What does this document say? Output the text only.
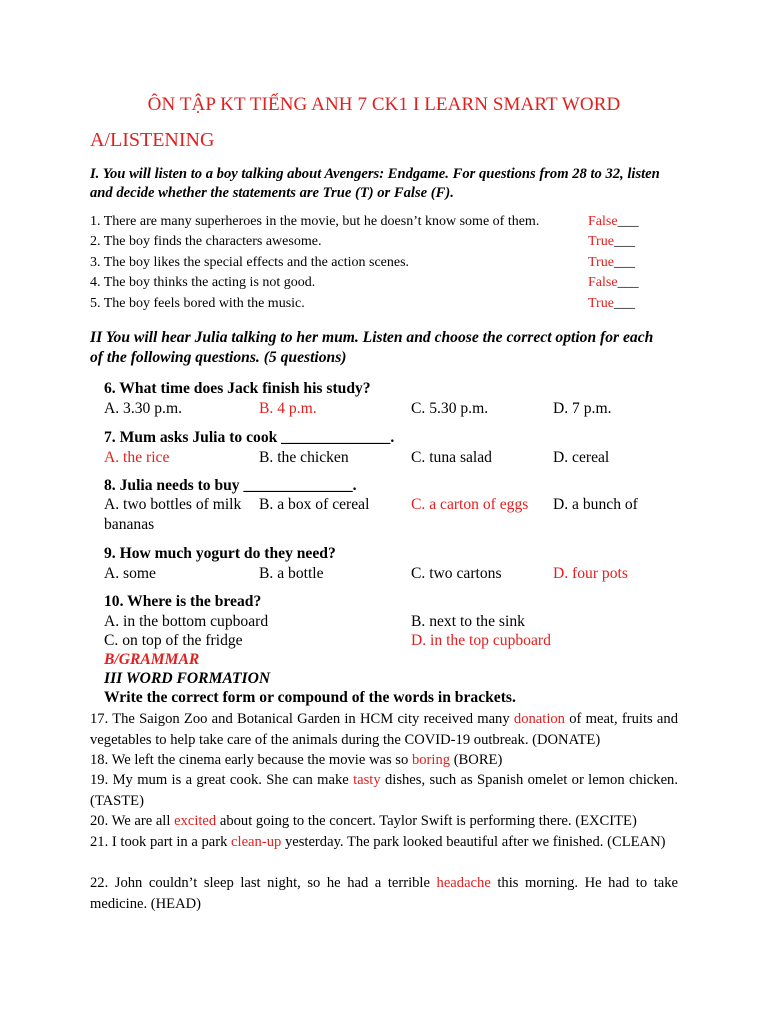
ÔN TẬP KT TIẾNG ANH 7 CK1 I LEARN SMART WORD
A/LISTENING
I. You will listen to a boy talking about Avengers: Endgame. For questions from 28 to 32, listen and decide whether the statements are True (T) or False (F).
1. There are many superheroes in the movie, but he doesn’t know some of them.	False___
2. The boy finds the characters awesome.	True___
3. The boy likes the special effects and the action scenes.	True___
4. The boy thinks the acting is not good.	False___
5. The boy feels bored with the music.	True___
II You will hear Julia talking to her mum. Listen and choose the correct option for each of the following questions. (5 questions)
6. What time does Jack finish his study?
A. 3.30 p.m.	B. 4 p.m.	C. 5.30 p.m.	D. 7 p.m.
7. Mum asks Julia to cook ______________.
A. the rice	B. the chicken	C. tuna salad	D. cereal
8. Julia needs to buy ______________.
A. two bottles of milk B. a box of cereal	C. a carton of eggs D. a bunch of
bananas
9. How much yogurt do they need?
A. some	B. a bottle	C. two cartons	D. four pots
10. Where is the bread?
A. in the bottom cupboard	B. next to the sink
C. on top of the fridge	D. in the top cupboard
B/GRAMMAR
III WORD FORMATION
Write the correct form or compound of the words in brackets.
17. The Saigon Zoo and Botanical Garden in HCM city received many donation of meat, fruits and vegetables to help take care of the animals during the COVID-19 outbreak. (DONATE)
18. We left the cinema early because the movie was so boring (BORE)
19. My mum is a great cook. She can make tasty dishes, such as Spanish omelet or lemon chicken. (TASTE)
20. We are all excited about going to the concert. Taylor Swift is performing there. (EXCITE)
21. I took part in a park clean-up yesterday. The park looked beautiful after we finished. (CLEAN)
22. John couldn’t sleep last night, so he had a terrible headache this morning. He had to take medicine. (HEAD)
